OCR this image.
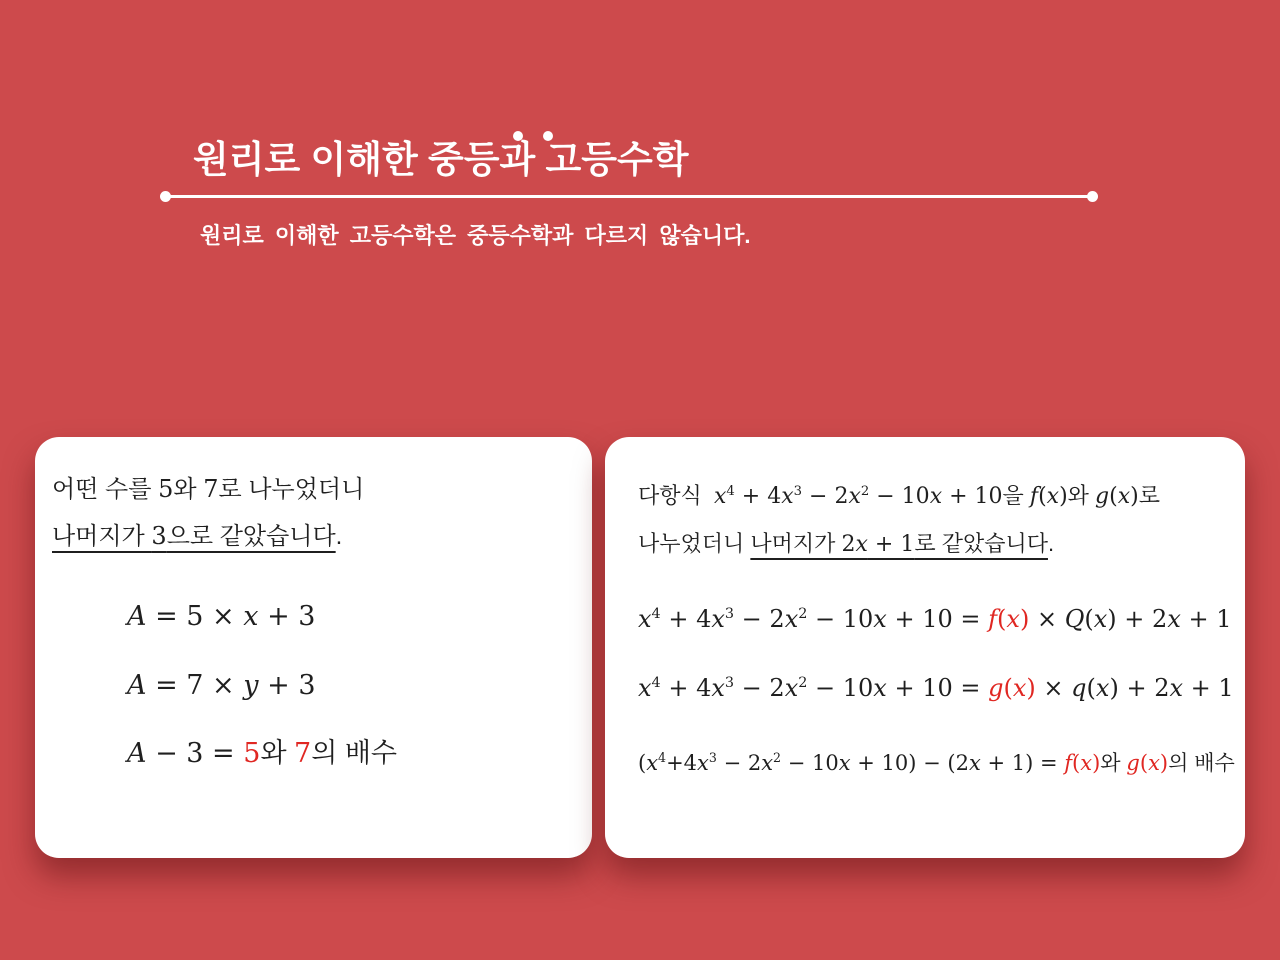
원리로 이해한 중등과 고등수학

원리로 이해한 고등수학은 중등수학과 다르지 않습니다.

어떤 수를 5와 7로 나누었더니
나머지가 3으로 같았습니다.

A = 5 × x + 3

A = 7 × y + 3

A − 3 = 5와 7의 배수

다항식  $x^4 + 4x^3 - 2x^2 - 10x + 10$을 f(x)와 g(x)로
나누었더니 나머지가 2x + 1로 같았습니다.

$x^4 + 4x^3 - 2x^2 - 10x + 10 = f(x) \times Q(x) + 2x + 1$

$x^4 + 4x^3 - 2x^2 - 10x + 10 = g(x) \times q(x) + 2x + 1$

$(x^4+4x^3 - 2x^2 - 10x + 10) - (2x + 1) = f(x)$와 g(x)의 배수
